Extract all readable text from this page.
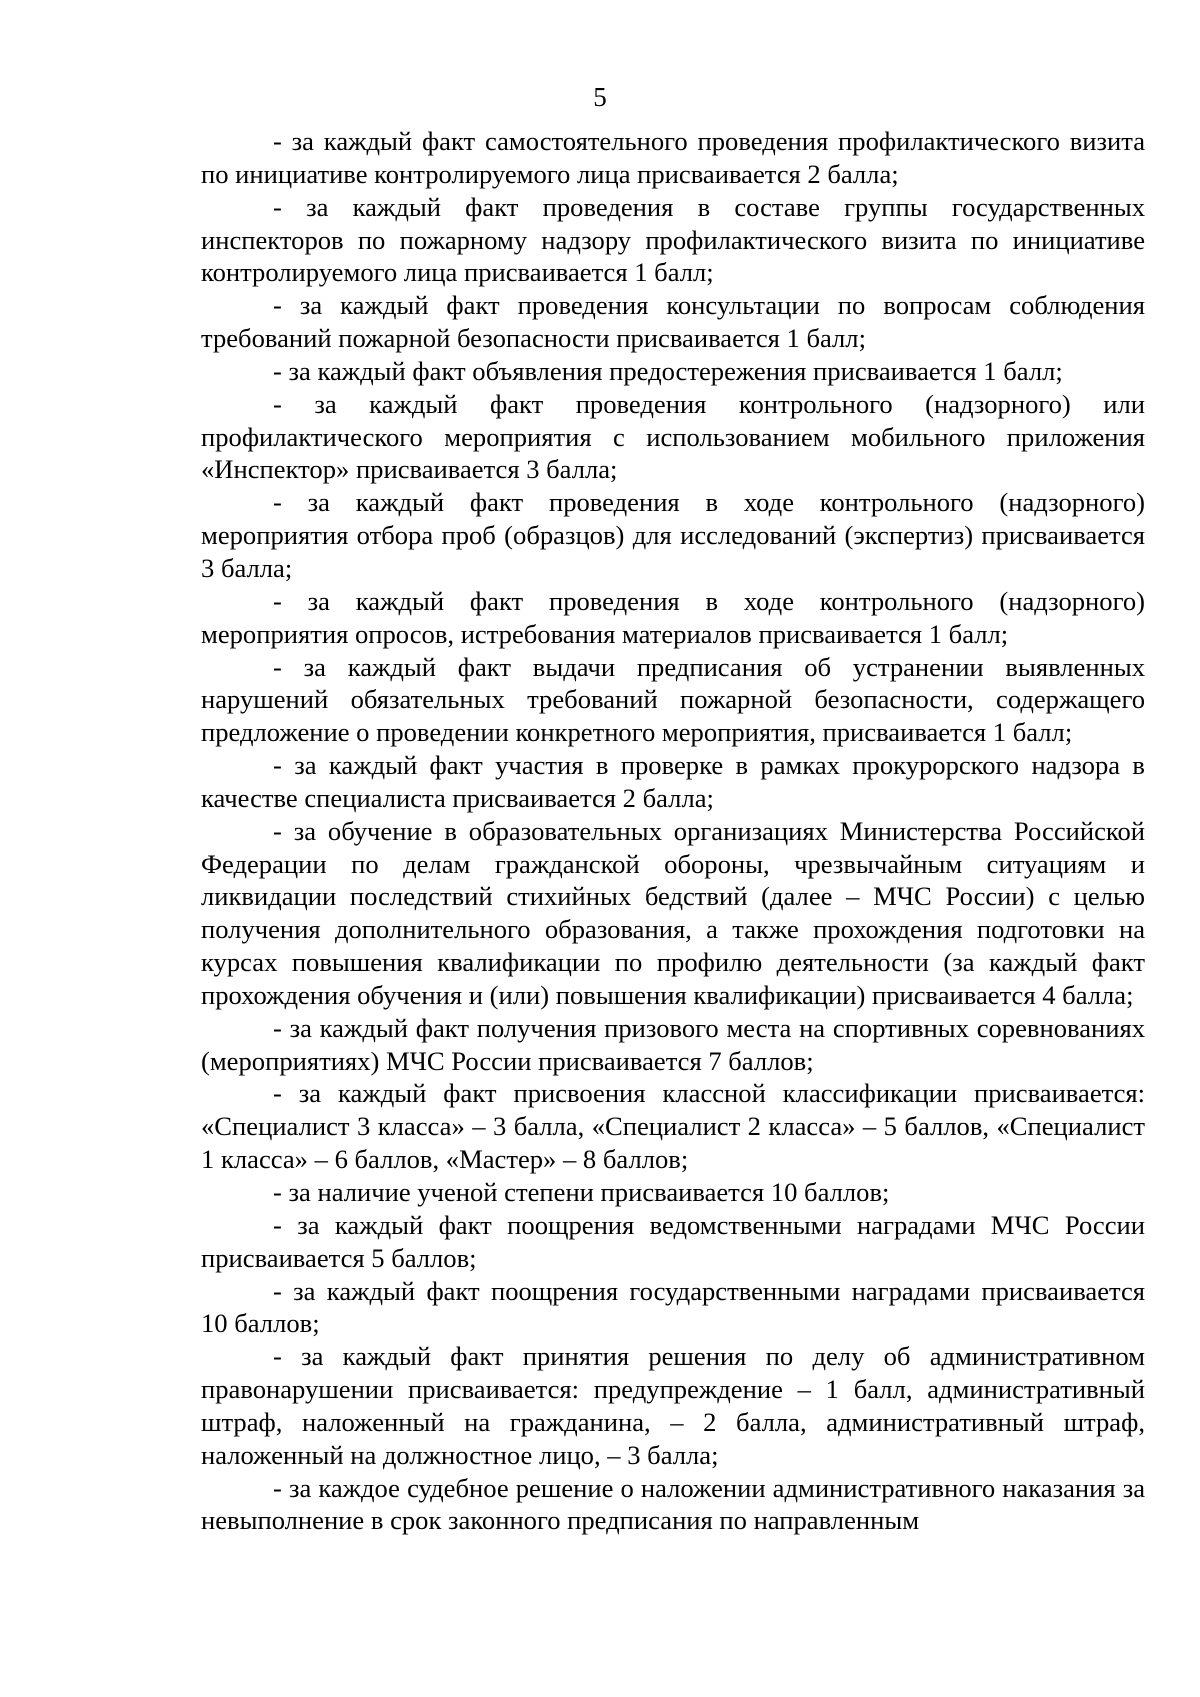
5

- за каждый факт самостоятельного проведения профилактического визита по инициативе контролируемого лица присваивается 2 балла;

- за каждый факт проведения в составе группы государственных инспекторов по пожарному надзору профилактического визита по инициативе контролируемого лица присваивается 1 балл;

- за каждый факт проведения консультации по вопросам соблюдения требований пожарной безопасности присваивается 1 балл;

- за каждый факт объявления предостережения присваивается 1 балл;

- за каждый факт проведения контрольного (надзорного) или профилактического мероприятия с использованием мобильного приложения «Инспектор» присваивается 3 балла;

- за каждый факт проведения в ходе контрольного (надзорного) мероприятия отбора проб (образцов) для исследований (экспертиз) присваивается 3 балла;

- за каждый факт проведения в ходе контрольного (надзорного) мероприятия опросов, истребования материалов присваивается 1 балл;

- за каждый факт выдачи предписания об устранении выявленных нарушений обязательных требований пожарной безопасности, содержащего предложение о проведении конкретного мероприятия, присваивается 1 балл;

- за каждый факт участия в проверке в рамках прокурорского надзора в качестве специалиста присваивается 2 балла;

- за обучение в образовательных организациях Министерства Российской Федерации по делам гражданской обороны, чрезвычайным ситуациям и ликвидации последствий стихийных бедствий (далее – МЧС России) с целью получения дополнительного образования, а также прохождения подготовки на курсах повышения квалификации по профилю деятельности (за каждый факт прохождения обучения и (или) повышения квалификации) присваивается 4 балла;

- за каждый факт получения призового места на спортивных соревнованиях (мероприятиях) МЧС России присваивается 7 баллов;

- за каждый факт присвоения классной классификации присваивается: «Специалист 3 класса» – 3 балла, «Специалист 2 класса» – 5 баллов, «Специалист 1 класса» – 6 баллов, «Мастер» – 8 баллов;

- за наличие ученой степени присваивается 10 баллов;

- за каждый факт поощрения ведомственными наградами МЧС России присваивается 5 баллов;

- за каждый факт поощрения государственными наградами присваивается 10 баллов;

- за каждый факт принятия решения по делу об административном правонарушении присваивается: предупреждение – 1 балл, административный штраф, наложенный на гражданина, – 2 балла, административный штраф, наложенный на должностное лицо, – 3 балла;

- за каждое судебное решение о наложении административного наказания за невыполнение в срок законного предписания по направленным
